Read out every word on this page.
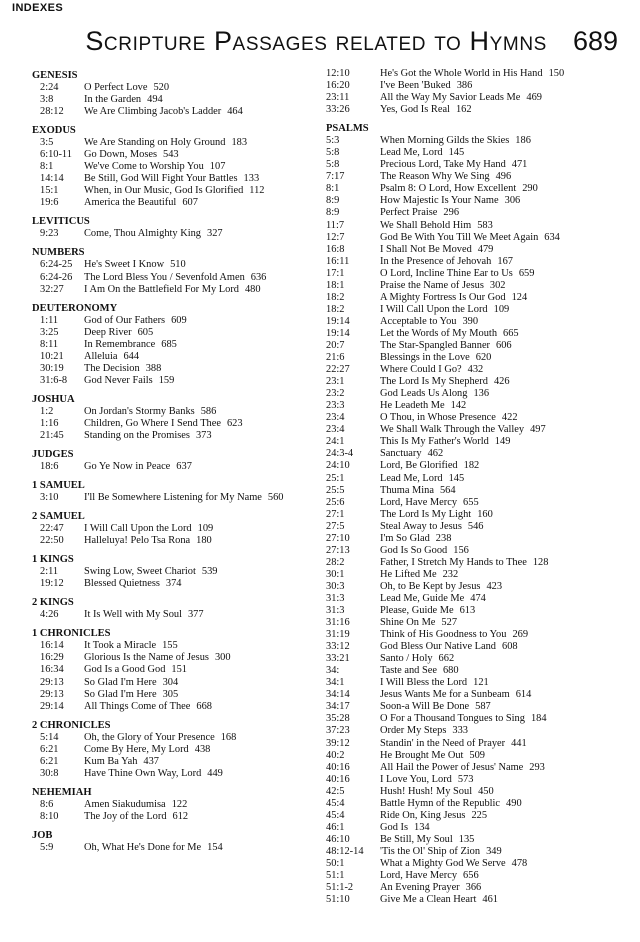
INDEXES
Scripture Passages related to Hymns 689
GENESIS
2:24	O Perfect Love 520
3:8	In the Garden 494
28:12	We Are Climbing Jacob's Ladder 464
EXODUS
3:5	We Are Standing on Holy Ground 183
6:10-11	Go Down, Moses 543
8:1	We've Come to Worship You 107
14:14	Be Still, God Will Fight Your Battles 133
15:1	When, in Our Music, God Is Glorified 112
19:6	America the Beautiful 607
LEVITICUS
9:23	Come, Thou Almighty King 327
NUMBERS
6:24-25	He's Sweet I Know 510
6:24-26	The Lord Bless You / Sevenfold Amen 636
32:27	I Am On the Battlefield For My Lord 480
DEUTERONOMY
1:11	God of Our Fathers 609
3:25	Deep River 605
8:11	In Remembrance 685
10:21	Alleluia 644
30:19	The Decision 388
31:6-8	God Never Fails 159
JOSHUA
1:2	On Jordan's Stormy Banks 586
1:16	Children, Go Where I Send Thee 623
21:45	Standing on the Promises 373
JUDGES
18:6	Go Ye Now in Peace 637
1 SAMUEL
3:10	I'll Be Somewhere Listening for My Name 560
2 SAMUEL
22:47	I Will Call Upon the Lord 109
22:50	Halleluya! Pelo Tsa Rona 180
1 KINGS
2:11	Swing Low, Sweet Chariot 539
19:12	Blessed Quietness 374
2 KINGS
4:26	It Is Well with My Soul 377
1 CHRONICLES
16:14	It Took a Miracle 155
16:29	Glorious Is the Name of Jesus 300
16:34	God Is a Good God 151
29:13	So Glad I'm Here 304
29:13	So Glad I'm Here 305
29:14	All Things Come of Thee 668
2 CHRONICLES
5:14	Oh, the Glory of Your Presence 168
6:21	Come By Here, My Lord 438
6:21	Kum Ba Yah 437
30:8	Have Thine Own Way, Lord 449
NEHEMIAH
8:6	Amen Siakudumisa 122
8:10	The Joy of the Lord 612
JOB
5:9	Oh, What He's Done for Me 154
12:10	He's Got the Whole World in His Hand 150
16:20	I've Been 'Buked 386
23:11	All the Way My Savior Leads Me 469
33:26	Yes, God Is Real 162
PSALMS
5:3	When Morning Gilds the Skies 186
5:8	Lead Me, Lord 145
5:8	Precious Lord, Take My Hand 471
7:17	The Reason Why We Sing 496
8:1	Psalm 8: O Lord, How Excellent 290
8:9	How Majestic Is Your Name 306
8:9	Perfect Praise 296
11:7	We Shall Behold Him 583
12:7	God Be With You Till We Meet Again 634
16:8	I Shall Not Be Moved 479
16:11	In the Presence of Jehovah 167
17:1	O Lord, Incline Thine Ear to Us 659
18:1	Praise the Name of Jesus 302
18:2	A Mighty Fortress Is Our God 124
18:2	I Will Call Upon the Lord 109
19:14	Acceptable to You 390
19:14	Let the Words of My Mouth 665
20:7	The Star-Spangled Banner 606
21:6	Blessings in the Love 620
22:27	Where Could I Go? 432
23:1	The Lord Is My Shepherd 426
23:2	God Leads Us Along 136
23:3	He Leadeth Me 142
23:4	O Thou, in Whose Presence 422
23:4	We Shall Walk Through the Valley 497
24:1	This Is My Father's World 149
24:3-4	Sanctuary 462
24:10	Lord, Be Glorified 182
25:1	Lead Me, Lord 145
25:5	Thuma Mina 564
25:6	Lord, Have Mercy 655
27:1	The Lord Is My Light 160
27:5	Steal Away to Jesus 546
27:10	I'm So Glad 238
27:13	God Is So Good 156
28:2	Father, I Stretch My Hands to Thee 128
30:1	He Lifted Me 232
30:3	Oh, to Be Kept by Jesus 423
31:3	Lead Me, Guide Me 474
31:3	Please, Guide Me 613
31:16	Shine On Me 527
31:19	Think of His Goodness to You 269
33:12	God Bless Our Native Land 608
33:21	Santo / Holy 662
34:	Taste and See 680
34:1	I Will Bless the Lord 121
34:14	Jesus Wants Me for a Sunbeam 614
34:17	Soon-a Will Be Done 587
35:28	O For a Thousand Tongues to Sing 184
37:23	Order My Steps 333
39:12	Standin' in the Need of Prayer 441
40:2	He Brought Me Out 509
40:16	All Hail the Power of Jesus' Name 293
40:16	I Love You, Lord 573
42:5	Hush! Hush! My Soul 450
45:4	Battle Hymn of the Republic 490
45:4	Ride On, King Jesus 225
46:1	God Is 134
46:10	Be Still, My Soul 135
48:12-14	'Tis the Ol' Ship of Zion 349
50:1	What a Mighty God We Serve 478
51:1	Lord, Have Mercy 656
51:1-2	An Evening Prayer 366
51:10	Give Me a Clean Heart 461
